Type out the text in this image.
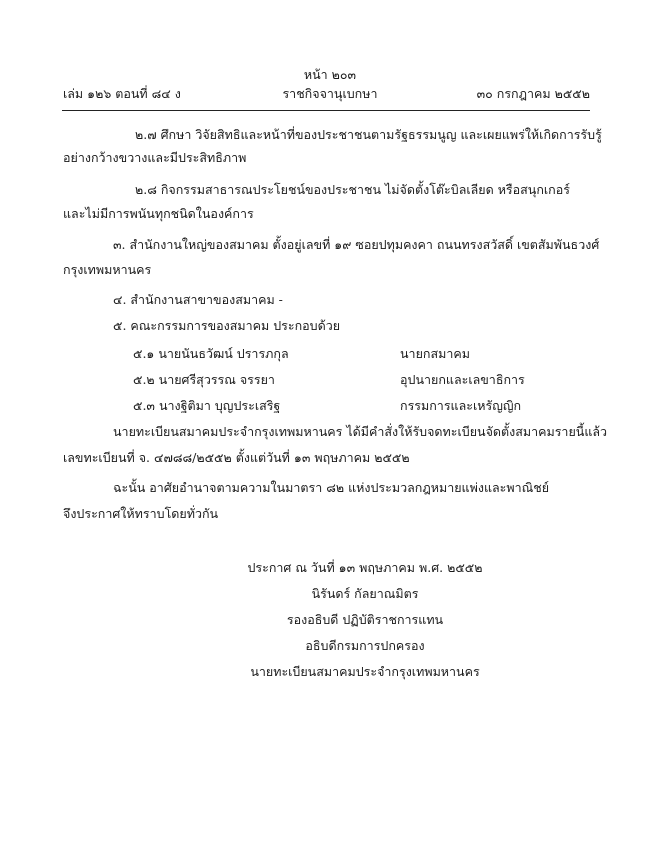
หน้า ๒๐๓
เล่ม ๑๒๖ ตอนที่ ๘๔ ง	ราชกิจจานุเบกษา	๓๐ กรกฎาคม ๒๕๕๒
๒.๗ ศึกษา วิจัยสิทธิและหน้าที่ของประชาชนตามรัฐธรรมนูญ และเผยแพร่ให้เกิดการรับรู้
อย่างกว้างขวางและมีประสิทธิภาพ
๒.๘ กิจกรรมสาธารณประโยชน์ของประชาชน ไม่จัดตั้งโต๊ะบิลเลียด หรือสนุกเกอร์
และไม่มีการพนันทุกชนิดในองค์การ
๓. สำนักงานใหญ่ของสมาคม ตั้งอยู่เลขที่ ๑๙ ซอยปทุมคงคา ถนนทรงสวัสดิ์ เขตสัมพันธวงศ์
กรุงเทพมหานคร
๔. สำนักงานสาขาของสมาคม -
๕. คณะกรรมการของสมาคม ประกอบด้วย
๕.๑ นายนันธวัฒน์ ปรารภกุล	นายกสมาคม
๕.๒ นายศรีสุวรรณ จรรยา	อุปนายกและเลขาธิการ
๕.๓ นางฐิติมา บุญประเสริฐ	กรรมการและเหรัญญิก
นายทะเบียนสมาคมประจำกรุงเทพมหานคร ได้มีคำสั่งให้รับจดทะเบียนจัดตั้งสมาคมรายนี้แล้ว
เลขทะเบียนที่ จ. ๔๗๘๘/๒๕๕๒ ตั้งแต่วันที่ ๑๓ พฤษภาคม ๒๕๕๒
ฉะนั้น อาศัยอำนาจตามความในมาตรา ๘๒ แห่งประมวลกฎหมายแพ่งและพาณิชย์
จึงประกาศให้ทราบโดยทั่วกัน
ประกาศ ณ วันที่ ๑๓ พฤษภาคม พ.ศ. ๒๕๕๒
นิรันดร์ กัลยาณมิตร
รองอธิบดี ปฏิบัติราชการแทน
อธิบดีกรมการปกครอง
นายทะเบียนสมาคมประจำกรุงเทพมหานคร
